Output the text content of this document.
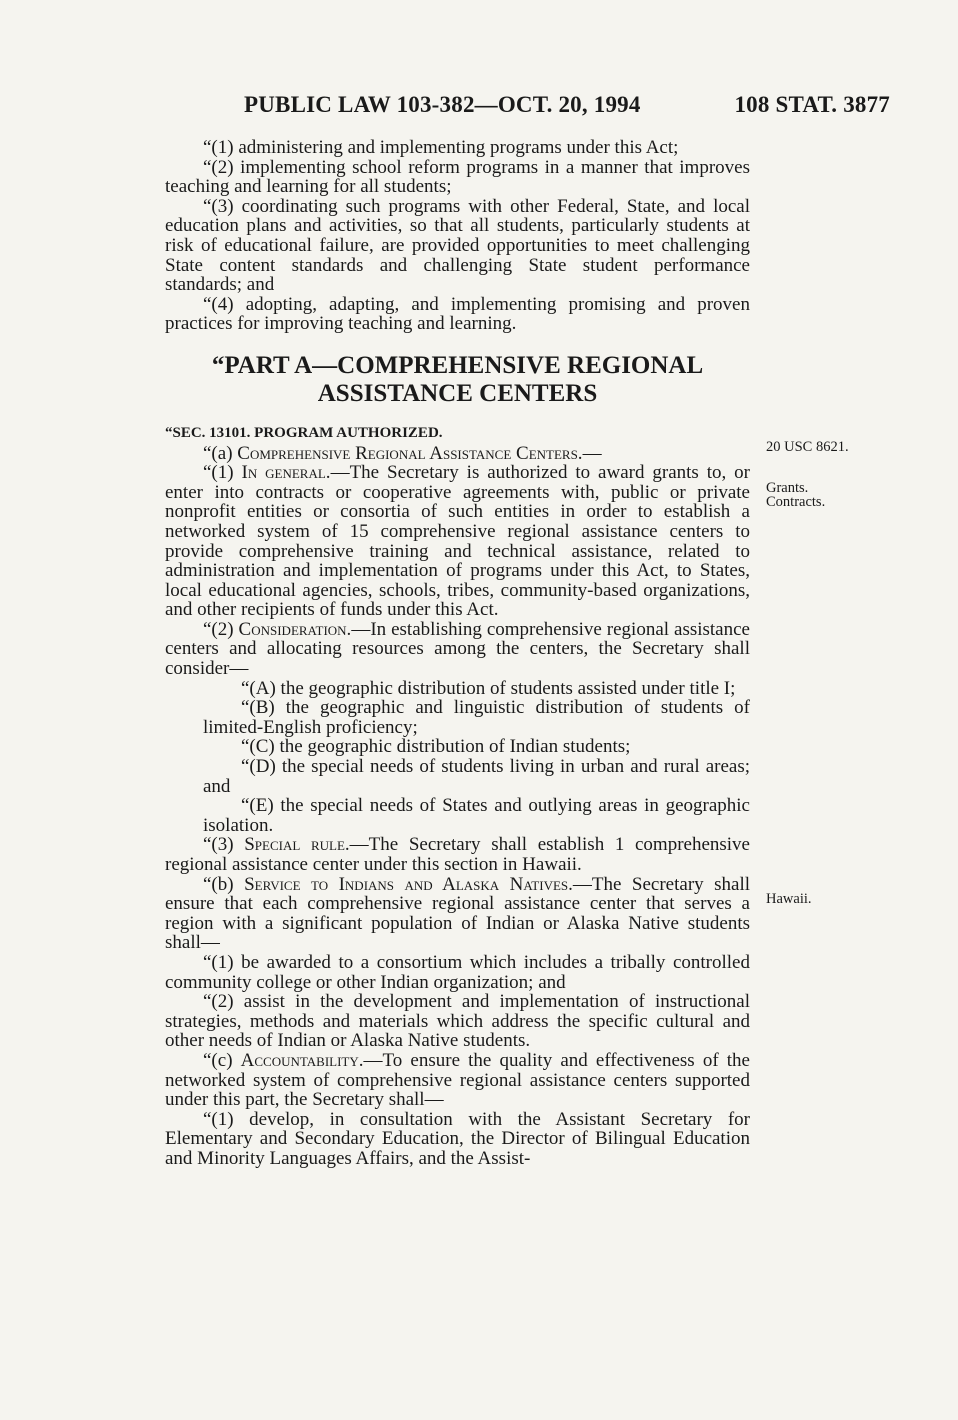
PUBLIC LAW 103-382—OCT. 20, 1994	108 STAT. 3877

“(1) administering and implementing programs under this Act;

“(2) implementing school reform programs in a manner that improves teaching and learning for all students;

“(3) coordinating such programs with other Federal, State, and local education plans and activities, so that all students, particularly students at risk of educational failure, are provided opportunities to meet challenging State content standards and challenging State student performance standards; and

“(4) adopting, adapting, and implementing promising and proven practices for improving teaching and learning.

“PART A—COMPREHENSIVE REGIONAL
ASSISTANCE CENTERS

“SEC. 13101. PROGRAM AUTHORIZED.

“(a) Comprehensive Regional Assistance Centers.—

“(1) In general.—The Secretary is authorized to award grants to, or enter into contracts or cooperative agreements with, public or private nonprofit entities or consortia of such entities in order to establish a networked system of 15 comprehensive regional assistance centers to provide comprehensive training and technical assistance, related to administration and implementation of programs under this Act, to States, local educational agencies, schools, tribes, community-based organizations, and other recipients of funds under this Act.

“(2) Consideration.—In establishing comprehensive regional assistance centers and allocating resources among the centers, the Secretary shall consider—

“(A) the geographic distribution of students assisted under title I;

“(B) the geographic and linguistic distribution of students of limited-English proficiency;

“(C) the geographic distribution of Indian students;

“(D) the special needs of students living in urban and rural areas; and

“(E) the special needs of States and outlying areas in geographic isolation.

“(3) Special rule.—The Secretary shall establish 1 comprehensive regional assistance center under this section in Hawaii.

“(b) Service to Indians and Alaska Natives.—The Secretary shall ensure that each comprehensive regional assistance center that serves a region with a significant population of Indian or Alaska Native students shall—

“(1) be awarded to a consortium which includes a tribally controlled community college or other Indian organization; and

“(2) assist in the development and implementation of instructional strategies, methods and materials which address the specific cultural and other needs of Indian or Alaska Native students.

“(c) Accountability.—To ensure the quality and effectiveness of the networked system of comprehensive regional assistance centers supported under this part, the Secretary shall—

“(1) develop, in consultation with the Assistant Secretary for Elementary and Secondary Education, the Director of Bilingual Education and Minority Languages Affairs, and the Assist-

20 USC 8621.
Grants.
Contracts.
Hawaii.
